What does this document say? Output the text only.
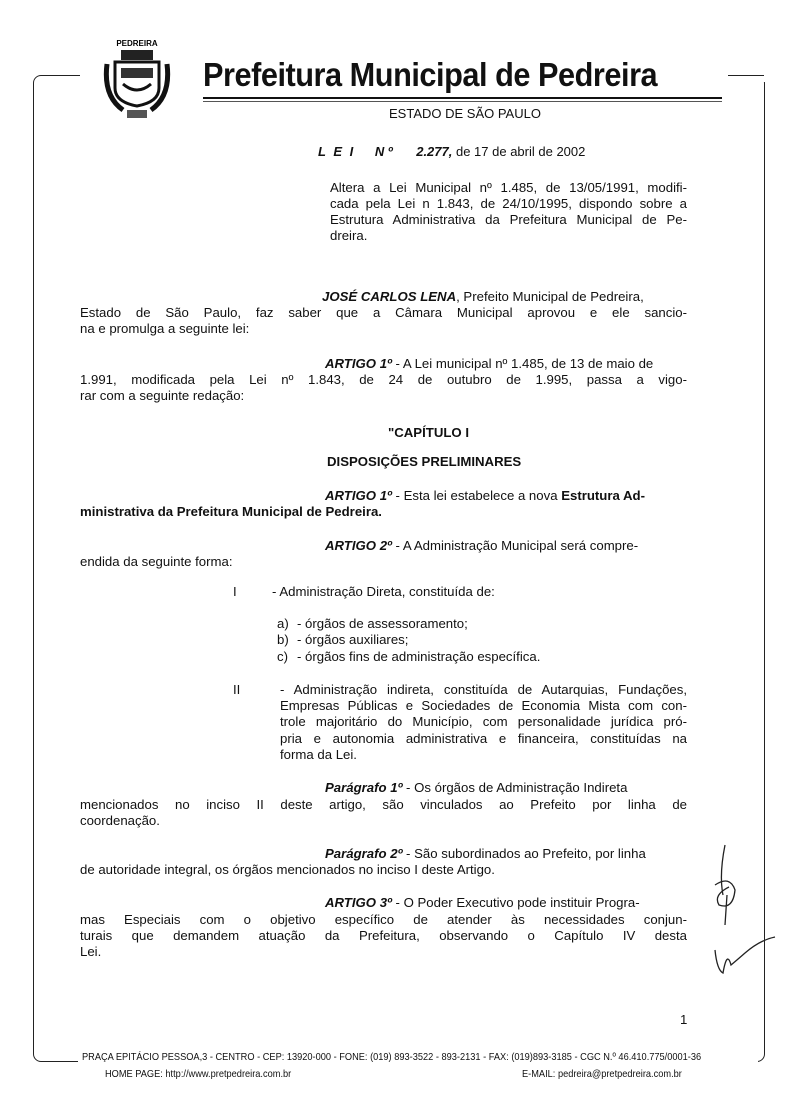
PEDREIRA
Prefeitura Municipal de Pedreira
ESTADO DE SÃO PAULO
L E I N º 2.277, de 17 de abril de 2002
Altera a Lei Municipal nº 1.485, de 13/05/1991, modifi-
cada pela Lei n 1.843, de 24/10/1995, dispondo sobre a
Estrutura Administrativa da Prefeitura Municipal de Pe-
dreira.
JOSÉ CARLOS LENA, Prefeito Municipal de Pedreira,
Estado de São Paulo, faz saber que a Câmara Municipal aprovou e ele sancio-
na e promulga a seguinte lei:
ARTIGO 1º - A Lei municipal nº 1.485, de 13 de maio de
1.991, modificada pela Lei nº 1.843, de 24 de outubro de 1.995, passa a vigo-
rar com a seguinte redação:
"CAPÍTULO I
DISPOSIÇÕES PRELIMINARES
ARTIGO 1º - Esta lei estabelece a nova Estrutura Ad-
ministrativa da Prefeitura Municipal de Pedreira.
ARTIGO 2º - A Administração Municipal será compre-
endida da seguinte forma:
I	- Administração Direta, constituída de:
a) - órgãos de assessoramento;
b) - órgãos auxiliares;
c) - órgãos fins de administração específica.
II	- Administração indireta, constituída de Autarquias, Fundações,
Empresas Públicas e Sociedades de Economia Mista com con-
trole majoritário do Município, com personalidade jurídica pró-
pria e autonomia administrativa e financeira, constituídas na
forma da Lei.
Parágrafo 1º - Os órgãos de Administração Indireta
mencionados no inciso II deste artigo, são vinculados ao Prefeito por linha de
coordenação.
Parágrafo 2º - São subordinados ao Prefeito, por linha
de autoridade integral, os órgãos mencionados no inciso I deste Artigo.
ARTIGO 3º - O Poder Executivo pode instituir Progra-
mas Especiais com o objetivo específico de atender às necessidades conjun-
turais que demandem atuação da Prefeitura, observando o Capítulo IV desta
Lei.
1
PRAÇA EPITÁCIO PESSOA,3 - CENTRO - CEP: 13920-000 - FONE: (019) 893-3522 - 893-2131 - FAX: (019)893-3185 - CGC N.º 46.410.775/0001-36
HOME PAGE: http://www.pretpedreira.com.br	E-MAIL: pedreira@pretpedreira.com.br
